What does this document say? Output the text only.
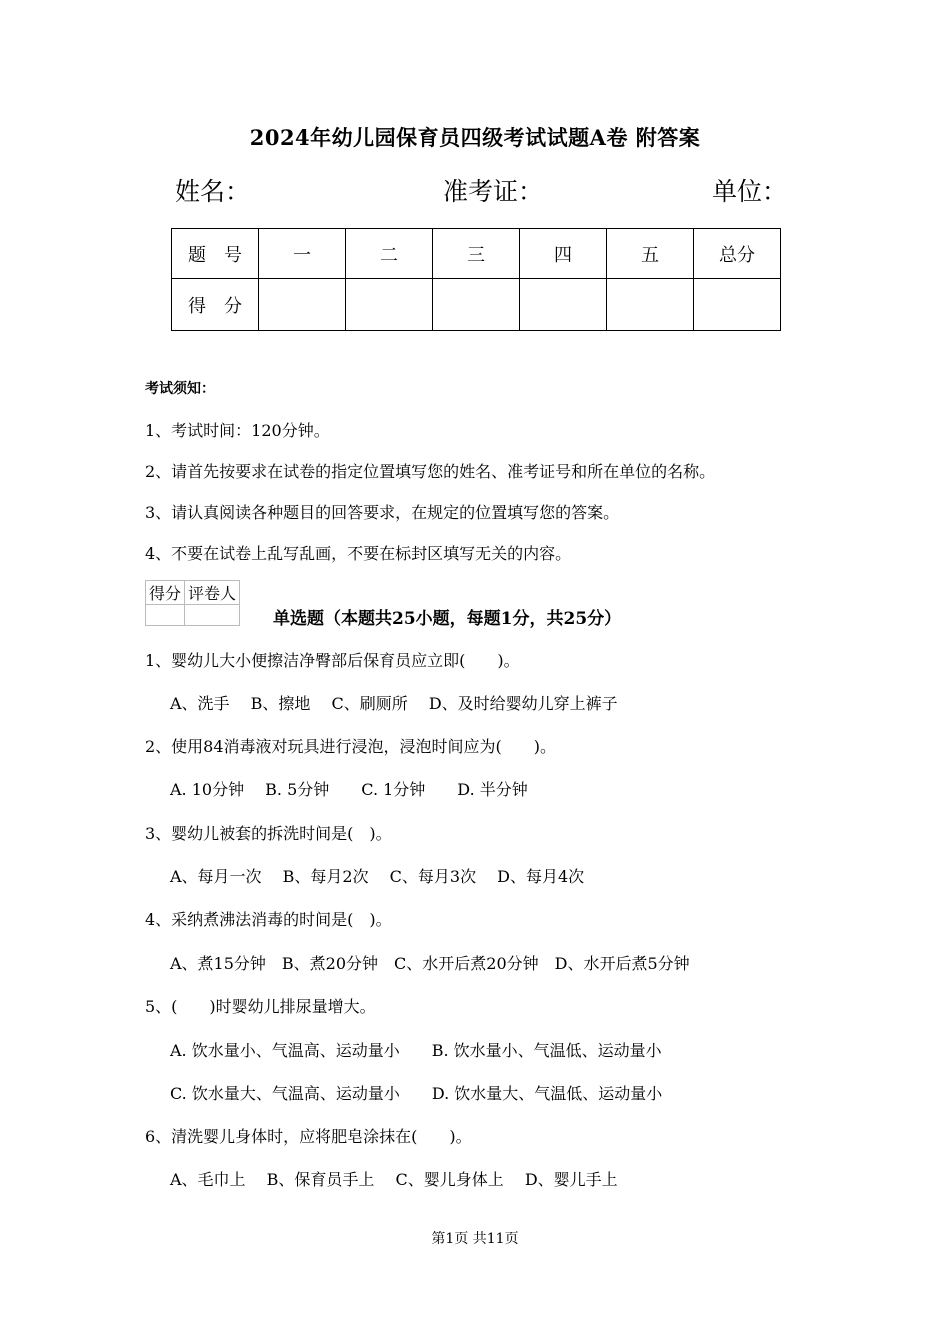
2024年幼儿园保育员四级考试试题A卷 附答案
姓名：	准考证：	单位：
题　号	一	二	三	四	五	总分
得　分						
考试须知：
1、考试时间：120分钟。
2、请首先按要求在试卷的指定位置填写您的姓名、准考证号和所在单位的名称。
3、请认真阅读各种题目的回答要求，在规定的位置填写您的答案。
4、不要在试卷上乱写乱画，不要在标封区填写无关的内容。
得分	评卷人

单选题（本题共25小题，每题1分，共25分）
1、婴幼儿大小便擦洁净臀部后保育员应立即(　　)。
A、洗手　 B、擦地　 C、刷厕所　 D、及时给婴幼儿穿上裤子
2、使用84消毒液对玩具进行浸泡，浸泡时间应为(　　)。
A. 10分钟　 B. 5分钟　　C. 1分钟　　D. 半分钟
3、婴幼儿被套的拆洗时间是(　)。
A、每月一次　 B、每月2次　 C、每月3次　 D、每月4次
4、采纳煮沸法消毒的时间是(　)。
A、煮15分钟　B、煮20分钟　C、水开后煮20分钟　D、水开后煮5分钟
5、(　　)时婴幼儿排尿量增大。
A. 饮水量小、气温高、运动量小　　B. 饮水量小、气温低、运动量小
C. 饮水量大、气温高、运动量小　　D. 饮水量大、气温低、运动量小
6、清洗婴儿身体时，应将肥皂涂抹在(　　)。
A、毛巾上　 B、保育员手上　 C、婴儿身体上　 D、婴儿手上
第1页 共11页
